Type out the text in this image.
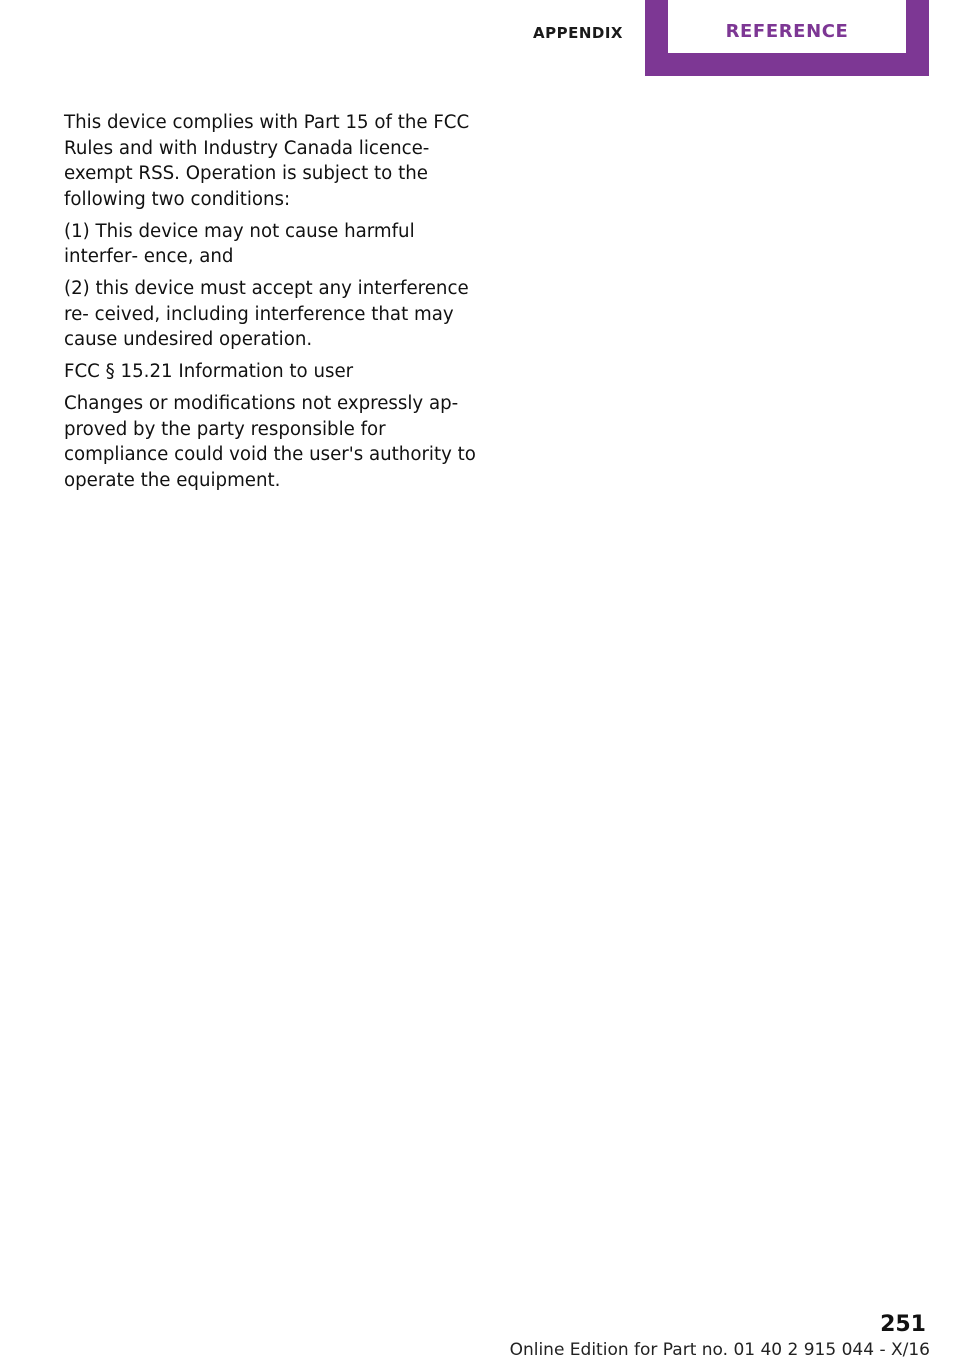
APPENDIX	REFERENCE

This device complies with Part 15 of the FCC Rules and with Industry Canada licence-exempt RSS. Operation is subject to the following two conditions:

(1) This device may not cause harmful interfer‐ ence, and

(2) this device must accept any interference re‐ ceived, including interference that may cause undesired operation.

FCC § 15.21 Information to user

Changes or modifications not expressly ap‐ proved by the party responsible for compliance could void the user's authority to operate the equipment.

251
Online Edition for Part no. 01 40 2 915 044 - X/16
